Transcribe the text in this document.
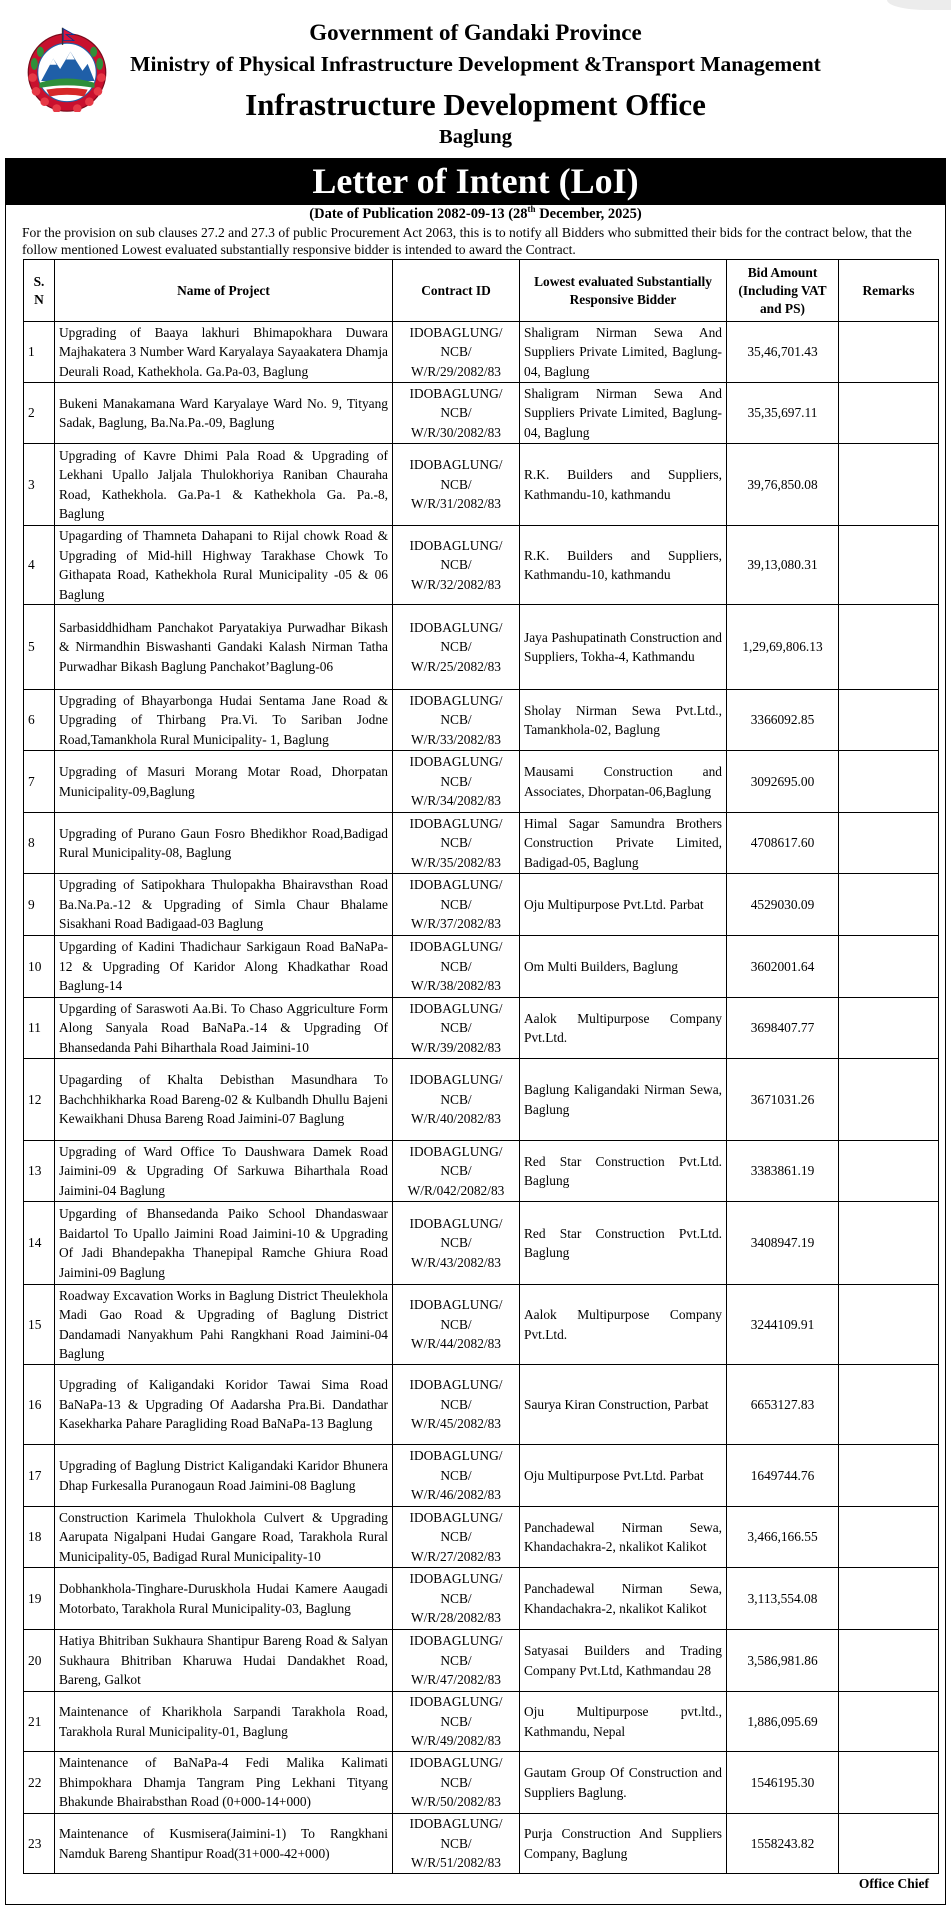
Government of Gandaki Province
Ministry of Physical Infrastructure Development &Transport Management
Infrastructure Development Office
Baglung
Letter of Intent (LoI)
(Date of Publication 2082-09-13 (28th December, 2025)
For the provision on sub clauses 27.2 and 27.3 of public Procurement Act 2063, this is to notify all Bidders who submitted their bids for the contract below, that the follow mentioned Lowest evaluated substantially responsive bidder is intended to award the Contract.
S.
N	Name of Project	Contract ID	Lowest evaluated Substantially Responsive Bidder	Bid Amount (Including VAT and PS)	Remarks
1	Upgrading of Baaya lakhuri Bhimapokhara Duwara Majhakatera 3 Number Ward Karyalaya Sayaakatera Dhamja Deurali Road, Kathekhola. Ga.Pa-03, Baglung	IDOBAGLUNG/
NCB/
W/R/29/2082/83	Shaligram Nirman Sewa And Suppliers Private Limited, Baglung-04, Baglung	35,46,701.43	
2	Bukeni Manakamana Ward Karyalaye Ward No. 9, Tityang Sadak, Baglung, Ba.Na.Pa.-09, Baglung	IDOBAGLUNG/
NCB/
W/R/30/2082/83	Shaligram Nirman Sewa And Suppliers Private Limited, Baglung-04, Baglung	35,35,697.11	
3	Upgrading of Kavre Dhimi Pala Road & Upgrading of Lekhani Upallo Jaljala Thulokhoriya Raniban Chauraha Road, Kathekhola. Ga.Pa-1 & Kathekhola Ga. Pa.-8, Baglung	IDOBAGLUNG/
NCB/
W/R/31/2082/83	R.K. Builders and Suppliers, Kathmandu-10, kathmandu	39,76,850.08	
4	Upagarding of Thamneta Dahapani to Rijal chowk Road & Upgrading of Mid-hill Highway Tarakhase Chowk To Githapata Road, Kathekhola Rural Municipality -05 & 06 Baglung	IDOBAGLUNG/
NCB/
W/R/32/2082/83	R.K. Builders and Suppliers, Kathmandu-10, kathmandu	39,13,080.31	
5	Sarbasiddhidham Panchakot Paryatakiya Purwadhar Bikash & Nirmandhin Biswashanti Gandaki Kalash Nirman Tatha Purwadhar Bikash Baglung Panchakot’Baglung-06	IDOBAGLUNG/
NCB/
W/R/25/2082/83	Jaya Pashupatinath Construction and Suppliers, Tokha-4, Kathmandu	1,29,69,806.13	
6	Upgrading of Bhayarbonga Hudai Sentama Jane Road & Upgrading of Thirbang Pra.Vi. To Sariban Jodne Road,Tamankhola Rural Municipality- 1, Baglung	IDOBAGLUNG/
NCB/
W/R/33/2082/83	Sholay Nirman Sewa Pvt.Ltd., Tamankhola-02, Baglung	3366092.85	
7	Upgrading of Masuri Morang Motar Road, Dhorpatan Municipality-09,Baglung	IDOBAGLUNG/
NCB/
W/R/34/2082/83	Mausami Construction and Associates, Dhorpatan-06,Baglung	3092695.00	
8	Upgrading of Purano Gaun Fosro Bhedikhor Road,Badigad Rural Municipality-08, Baglung	IDOBAGLUNG/
NCB/
W/R/35/2082/83	Himal Sagar Samundra Brothers Construction Private Limited, Badigad-05, Baglung	4708617.60	
9	Upgrading of Satipokhara Thulopakha Bhairavsthan Road Ba.Na.Pa.-12 & Upgrading of Simla Chaur Bhalame Sisakhani Road Badigaad-03 Baglung	IDOBAGLUNG/
NCB/
W/R/37/2082/83	Oju Multipurpose Pvt.Ltd. Parbat	4529030.09	
10	Upgarding of Kadini Thadichaur Sarkigaun Road BaNaPa-12 & Upgrading Of Karidor Along Khadkathar Road Baglung-14	IDOBAGLUNG/
NCB/
W/R/38/2082/83	Om Multi Builders, Baglung	3602001.64	
11	Upgarding of Saraswoti Aa.Bi. To Chaso Aggriculture Form Along Sanyala Road BaNaPa.-14 & Upgrading Of Bhansedanda Pahi Biharthala Road Jaimini-10	IDOBAGLUNG/
NCB/
W/R/39/2082/83	Aalok Multipurpose Company Pvt.Ltd.	3698407.77	
12	Upagarding of Khalta Debisthan Masundhara To Bachchhikharka Road Bareng-02 & Kulbandh Dhullu Bajeni Kewaikhani Dhusa Bareng Road Jaimini-07 Baglung	IDOBAGLUNG/
NCB/
W/R/40/2082/83	Baglung Kaligandaki Nirman Sewa, Baglung	3671031.26	
13	Upgrading of Ward Office To Daushwara Damek Road Jaimini-09 & Upgrading Of Sarkuwa Biharthala Road Jaimini-04 Baglung	IDOBAGLUNG/
NCB/
W/R/042/2082/83	Red Star Construction Pvt.Ltd. Baglung	3383861.19	
14	Upgarding of Bhansedanda Paiko School Dhandaswaar Baidartol To Upallo Jaimini Road Jaimini-10 & Upgrading Of Jadi Bhandepakha Thanepipal Ramche Ghiura Road Jaimini-09 Baglung	IDOBAGLUNG/
NCB/
W/R/43/2082/83	Red Star Construction Pvt.Ltd. Baglung	3408947.19	
15	Roadway Excavation Works in Baglung District Theulekhola Madi Gao Road & Upgrading of Baglung District Dandamadi Nanyakhum Pahi Rangkhani Road Jaimini-04 Baglung	IDOBAGLUNG/
NCB/
W/R/44/2082/83	Aalok Multipurpose Company Pvt.Ltd.	3244109.91	
16	Upgrading of Kaligandaki Koridor Tawai Sima Road BaNaPa-13 & Upgrading Of Aadarsha Pra.Bi. Dandathar Kasekharka Pahare Paragliding Road BaNaPa-13 Baglung	IDOBAGLUNG/
NCB/
W/R/45/2082/83	Saurya Kiran Construction, Parbat	6653127.83	
17	Upgrading of Baglung District Kaligandaki Karidor Bhunera Dhap Furkesalla Puranogaun Road Jaimini-08 Baglung	IDOBAGLUNG/
NCB/
W/R/46/2082/83	Oju Multipurpose Pvt.Ltd. Parbat	1649744.76	
18	Construction Karimela Thulokhola Culvert & Upgrading Aarupata Nigalpani Hudai Gangare Road, Tarakhola Rural Municipality-05, Badigad Rural Municipality-10	IDOBAGLUNG/
NCB/
W/R/27/2082/83	Panchadewal Nirman Sewa, Khandachakra-2, nkalikot Kalikot	3,466,166.55	
19	Dobhankhola-Tinghare-Duruskhola Hudai Kamere Aaugadi Motorbato, Tarakhola Rural Municipality-03, Baglung	IDOBAGLUNG/
NCB/
W/R/28/2082/83	Panchadewal Nirman Sewa, Khandachakra-2, nkalikot Kalikot	3,113,554.08	
20	Hatiya Bhitriban Sukhaura Shantipur Bareng Road & Salyan Sukhaura Bhitriban Kharuwa Hudai Dandakhet Road, Bareng, Galkot	IDOBAGLUNG/
NCB/
W/R/47/2082/83	Satyasai Builders and Trading Company Pvt.Ltd, Kathmandau 28	3,586,981.86	
21	Maintenance of Kharikhola Sarpandi Tarakhola Road, Tarakhola Rural Municipality-01, Baglung	IDOBAGLUNG/
NCB/
W/R/49/2082/83	Oju Multipurpose pvt.ltd., Kathmandu, Nepal	1,886,095.69	
22	Maintenance of BaNaPa-4 Fedi Malika Kalimati Bhimpokhara Dhamja Tangram Ping Lekhani Tityang Bhakunde Bhairabsthan Road (0+000-14+000)	IDOBAGLUNG/
NCB/
W/R/50/2082/83	Gautam Group Of Construction and Suppliers Baglung.	1546195.30	
23	Maintenance of Kusmisera(Jaimini-1) To Rangkhani Namduk Bareng Shantipur Road(31+000-42+000)	IDOBAGLUNG/
NCB/
W/R/51/2082/83	Purja Construction And Suppliers Company, Baglung	1558243.82	
Office Chief
